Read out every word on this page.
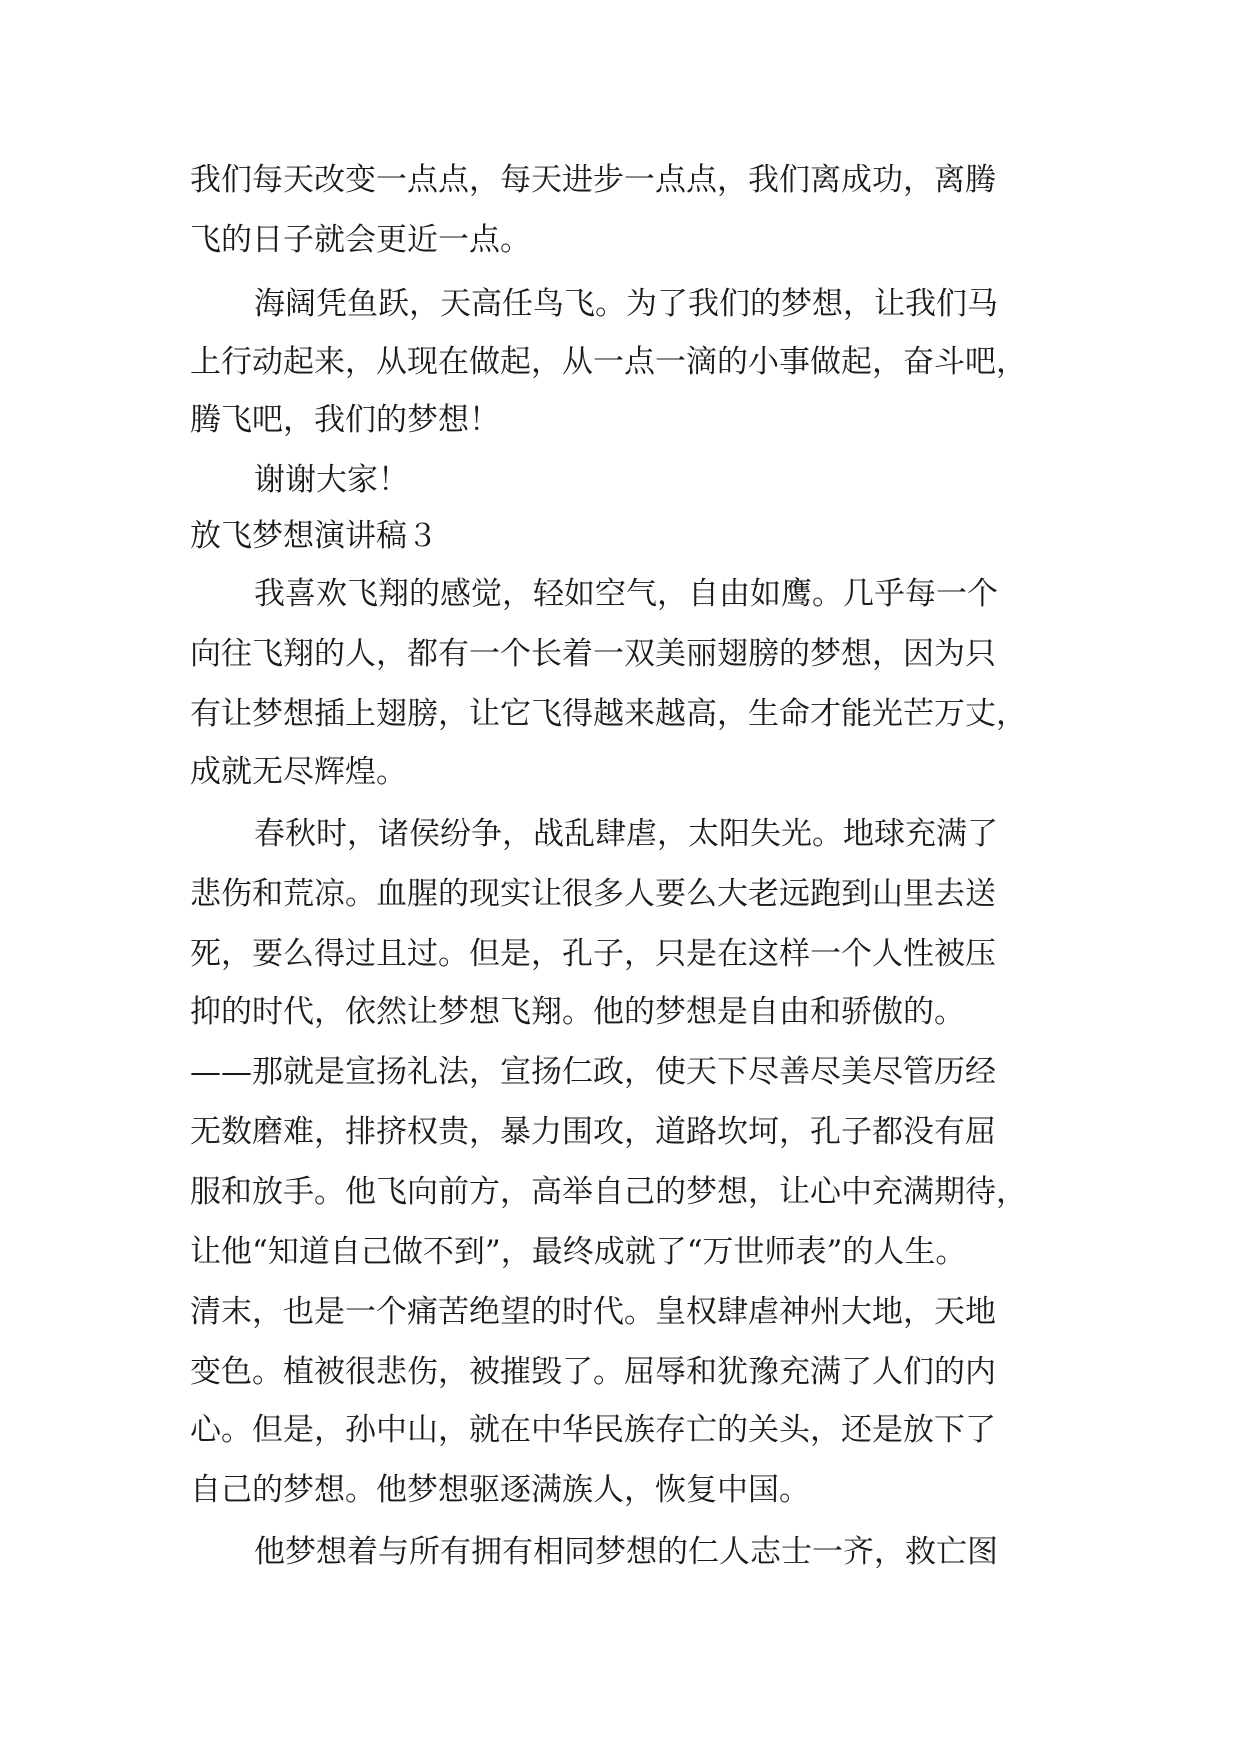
我们每天改变一点点，每天进步一点点，我们离成功，离腾
飞的日子就会更近一点。
海阔凭鱼跃，天高任鸟飞。为了我们的梦想，让我们马
上行动起来，从现在做起，从一点一滴的小事做起，奋斗吧，
腾飞吧，我们的梦想！
谢谢大家！
放飞梦想演讲稿３
我喜欢飞翔的感觉，轻如空气，自由如鹰。几乎每一个
向往飞翔的人，都有一个长着一双美丽翅膀的梦想，因为只
有让梦想插上翅膀，让它飞得越来越高，生命才能光芒万丈，
成就无尽辉煌。
春秋时，诸侯纷争，战乱肆虐，太阳失光。地球充满了
悲伤和荒凉。血腥的现实让很多人要么大老远跑到山里去送
死，要么得过且过。但是，孔子，只是在这样一个人性被压
抑的时代，依然让梦想飞翔。他的梦想是自由和骄傲的。
——那就是宣扬礼法，宣扬仁政，使天下尽善尽美尽管历经
无数磨难，排挤权贵，暴力围攻，道路坎坷，孔子都没有屈
服和放手。他飞向前方，高举自己的梦想，让心中充满期待，
让他“知道自己做不到”，最终成就了“万世师表”的人生。
清末，也是一个痛苦绝望的时代。皇权肆虐神州大地，天地
变色。植被很悲伤，被摧毁了。屈辱和犹豫充满了人们的内
心。但是，孙中山，就在中华民族存亡的关头，还是放下了
自己的梦想。他梦想驱逐满族人，恢复中国。
他梦想着与所有拥有相同梦想的仁人志士一齐，救亡图
